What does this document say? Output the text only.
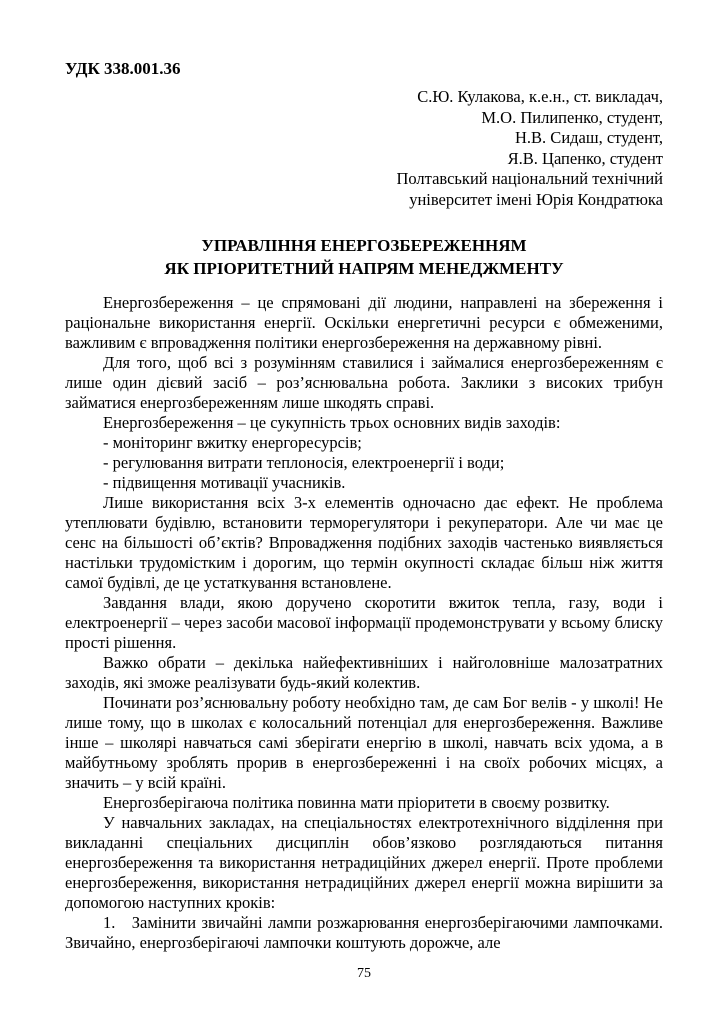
УДК 338.001.36
С.Ю. Кулакова, к.е.н., ст. викладач,
М.О. Пилипенко, студент,
Н.В. Сидаш, студент,
Я.В. Цапенко, студент
Полтавський національний технічний
університет імені Юрія Кондратюка
УПРАВЛІННЯ ЕНЕРГОЗБЕРЕЖЕННЯМ
ЯК ПРІОРИТЕТНИЙ НАПРЯМ МЕНЕДЖМЕНТУ

Енергозбереження – це спрямовані дії людини, направлені на збереження і раціональне використання енергії. Оскільки енергетичні ресурси є обмеженими, важливим є впровадження політики енергозбереження на державному рівні.

Для того, щоб всі з розумінням ставилися і займалися енергозбереженням є лише один дієвий засіб – роз’яснювальна робота. Заклики з високих трибун займатися енергозбереженням лише шкодять справі.

Енергозбереження – це сукупність трьох основних видів заходів:

- моніторинг вжитку енергоресурсів;

- регулювання витрати теплоносія, електроенергії і води;

- підвищення мотивації учасників.

Лише використання всіх 3-х елементів одночасно дає ефект. Не проблема утеплювати будівлю, встановити терморегулятори і рекуператори. Але чи має це сенс на більшості об’єктів? Впровадження подібних заходів частенько виявляється настільки трудомістким і дорогим, що термін окупності складає більш ніж життя самої будівлі, де це устаткування встановлене.

Завдання влади, якою доручено скоротити вжиток тепла, газу, води і електроенергії – через засоби масової інформації продемонструвати у всьому блиску прості рішення.

Важко обрати – декілька найефективніших і найголовніше малозатратних заходів, які зможе реалізувати будь-який колектив.

Починати роз’яснювальну роботу необхідно там, де сам Бог велів - у школі! Не лише тому, що в школах є колосальний потенціал для енергозбереження. Важливе інше – школярі навчаться самі зберігати енергію в школі, навчать всіх удома, а в майбутньому зроблять прорив в енергозбереженні і на своїх робочих місцях, а значить – у всій країні.

Енергозберігаюча політика повинна мати пріоритети в своєму розвитку.

У навчальних закладах, на спеціальностях електротехнічного відділення при викладанні спеціальних дисциплін обов’язково розглядаються питання енергозбереження та використання нетрадиційних джерел енергії. Проте проблеми енергозбереження, використання нетрадиційних джерел енергії можна вирішити за допомогою наступних кроків:

1.   Замінити звичайні лампи розжарювання енергозберігаючими лампочками. Звичайно, енергозберігаючі лампочки коштують дорожче, але

75
